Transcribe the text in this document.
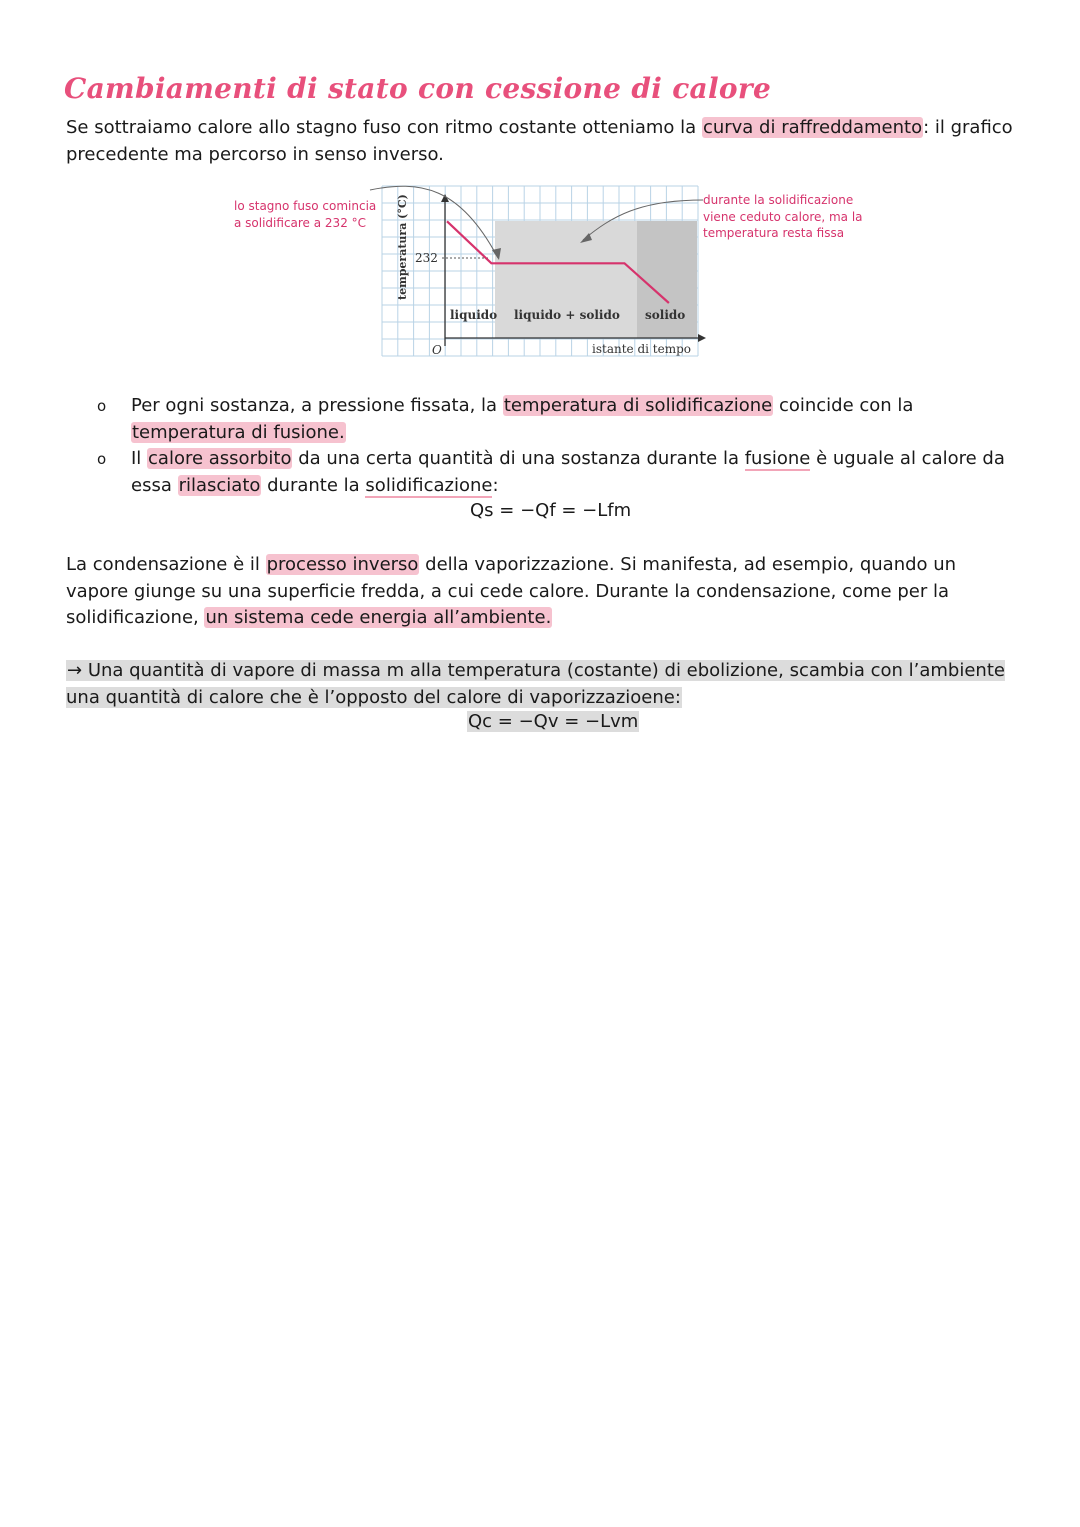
Cambiamenti di stato con cessione di calore

Se sottraiamo calore allo stagno fuso con ritmo costante otteniamo la curva di raffreddamento: il grafico precedente ma percorso in senso inverso.

lo stagno fuso comincia a solidificare a 232 °C
durante la solidificazione viene ceduto calore, ma la temperatura resta fissa
232
O
temperatura (°C)
istante di tempo
liquido liquido + solido solido
o Per ogni sostanza, a pressione fissata, la temperatura di solidificazione coincide con la temperatura di fusione.
o Il calore assorbito da una certa quantità di una sostanza durante la fusione è uguale al calore da essa rilasciato durante la solidificazione:
Qs = −Qf = −Lfm

La condensazione è il processo inverso della vaporizzazione. Si manifesta, ad esempio, quando un vapore giunge su una superficie fredda, a cui cede calore. Durante la condensazione, come per la solidificazione, un sistema cede energia all’ambiente.

→ Una quantità di vapore di massa m alla temperatura (costante) di ebolizione, scambia con l’ambiente una quantità di calore che è l’opposto del calore di vaporizzazioene:

Qc = −Qv = −Lvm
